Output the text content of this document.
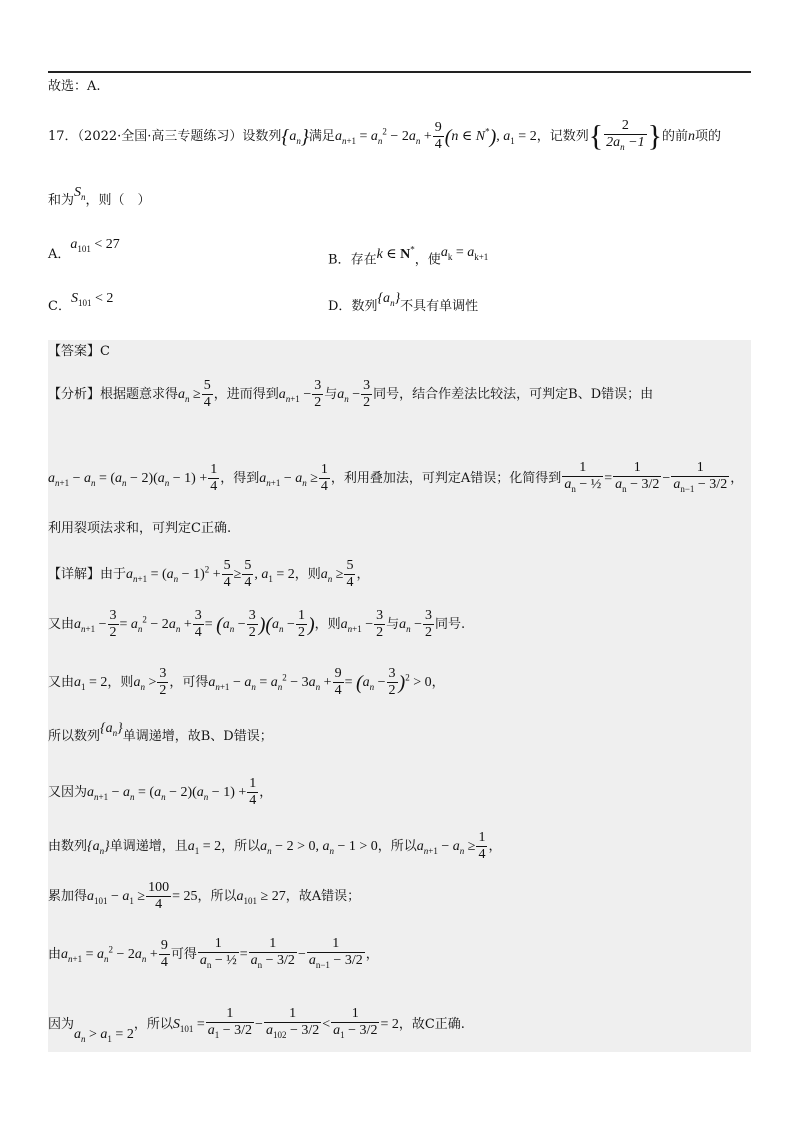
故选：A.
17．（2022·全国·高三专题练习）设数列$\{a_n\}$满足$a_{n+1} = a_n^2 - 2a_n + \frac{9}{4} (n$ ∈ N*), $a_1 = 2$，记数列{ $\frac{2}{2a_n -1}$ }的前n项的
和为$S_n$，则（　）
A．$a_{101} < 27$
B．存在k ∈ N*，使$a_k = a_{k+1}$
C．$S_{101} < 2$
D．数列$\{a_n\}$不具有单调性
【答案】C
【分析】根据题意求得$a_n \ge \frac{5}{4}$ ，进而得到$a_{n+1} - \frac{3}{2}$ 与$a_n - \frac{3}{2}$ 同号，结合作差法比较法，可判定B、D错误；由
$a_{n+1} - a_n = (a_n - 2)(a_n - 1) + \frac{1}{4}$ ，得到$a_{n+1} - a_n \ge \frac{1}{4}$ ，利用叠加法，可判定A错误；化简得到 $\frac{1}{a_n - \frac{1}{2}} = \frac{1}{a_n - 3/2} - \frac{1}{a_{n-1} - 3/2}$ ，
利用裂项法求和，可判定C正确.
【详解】由于$a_{n+1} = (a_n - 1)^2 + \frac{5}{4} \ge \frac{5}{4}$ , $a_1 = 2$，则$a_n \ge \frac{5}{4}$ ，
又由$a_{n+1} - \frac{3}{2} = a_n^2 - 2a_n + \frac{3}{4} = (a_n - \frac{3}{2} )(a_n - \frac{1}{2}$ )，则$a_{n+1} - \frac{3}{2}$ 与$a_n - \frac{3}{2}$ 同号.
又由$a_1 = 2$，则$a_n > \frac{3}{2}$ ，可得$a_{n+1} - a_n = a_n^2 - 3a_n + \frac{9}{4} = (a_n - \frac{3}{2} )^2 > 0$，
所以数列$\{a_n\}$单调递增，故B、D错误；
又因为$a_{n+1} - a_n = (a_n - 2)(a_n - 1) + \frac{1}{4}$ ，
由数列$\{a_n\}$单调递增，且$a_1 = 2$，所以$a_n - 2 > 0$, $a_n - 1 > 0$，所以$a_{n+1} - a_n \ge \frac{1}{4}$ ，
累加得$a_{101} - a_1 \ge \frac{100}{4} = 25$，所以$a_{101} \ge 27$，故A错误；
由$a_{n+1} = a_n^2 - 2a_n + \frac{9}{4}$ 可得 $\frac{1}{a_n - \frac{1}{2}} = \frac{1}{a_n - 3/2} - \frac{1}{a_{n-1} - 3/2}$ ，
因为$a_n > a_1 = 2$，所以$S_{101} = \frac{1}{a_1 - 3/2} - \frac{1}{a_{102} - 3/2} < \frac{1}{a_1 - 3/2} = 2$，故C正确.
